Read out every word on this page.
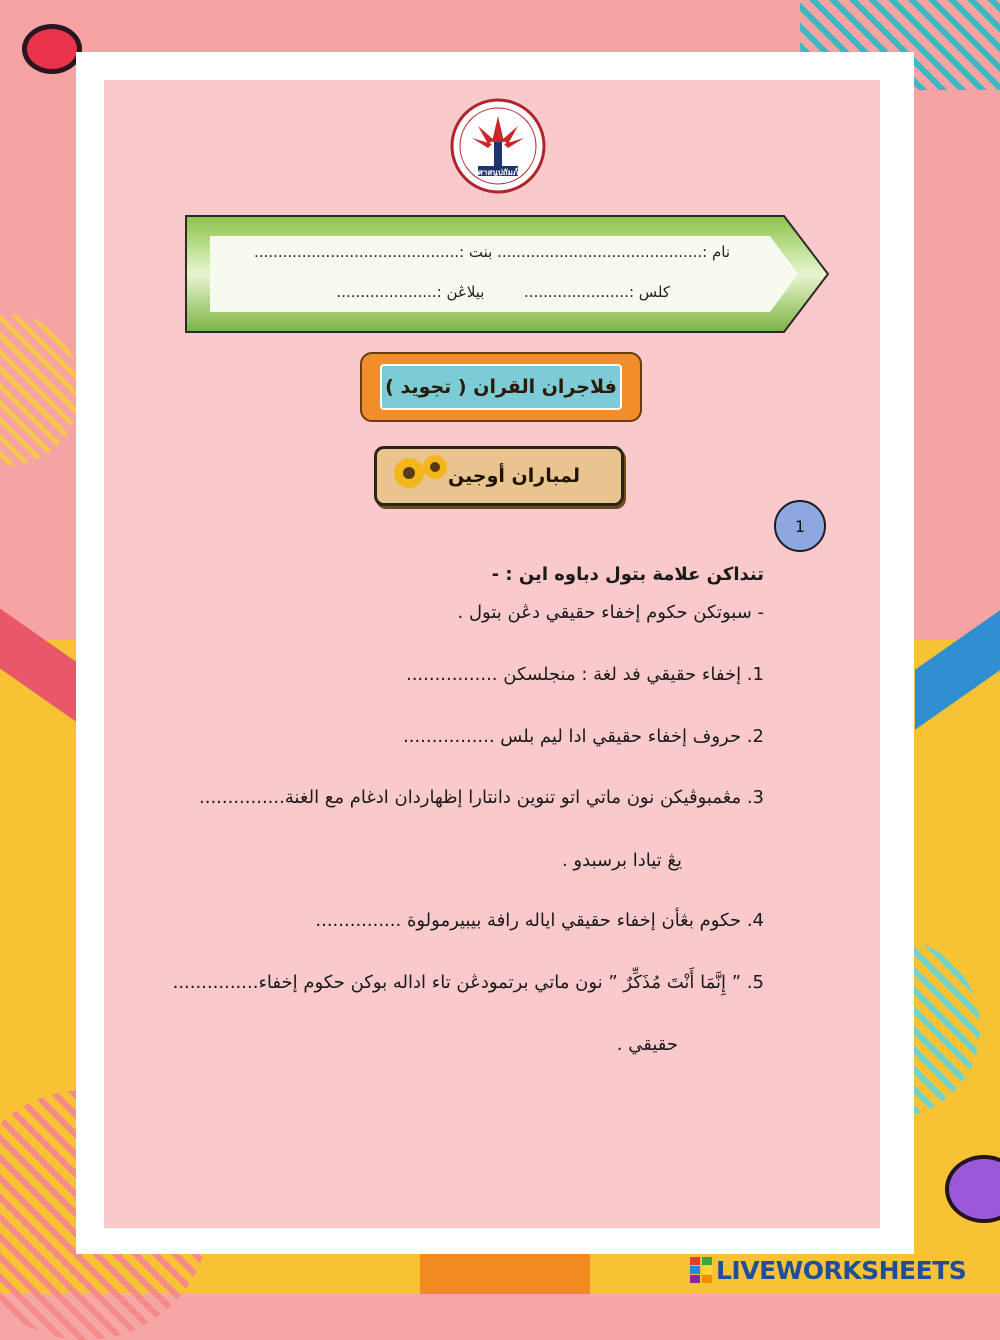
ศาสนูปถัมภ์
نام :........................................... بنت :...........................................
كلس :......................  بيلاڠن :.....................
فلاجران القران ( تجويد )
لمباران أوجين
1
تنداكن علامة بتول دباوه اين : -
- سبوتكن حكوم إخفاء حقيقي دڠن بتول .
1. إخفاء حقيقي فد لغة : منجلسكن ................
2. حروف إخفاء حقيقي ادا ليم بلس ................
3. مڠمبوڤيكن نون ماتي اتو تنوين دانتارا إظهاردان ادغام مع الغنة...............
يڠ تيادا برسبدو .
4. حكوم بڠأن إخفاء حقيقي اياله رافة بيبيرمولوة ...............
5. ” إِنَّمَا أَنْتَ مُذَكِّرٌ ” نون ماتي برتمودڠن تاء اداله بوكن حكوم إخفاء...............
حقيقي .
LIVEWORKSHEETS
